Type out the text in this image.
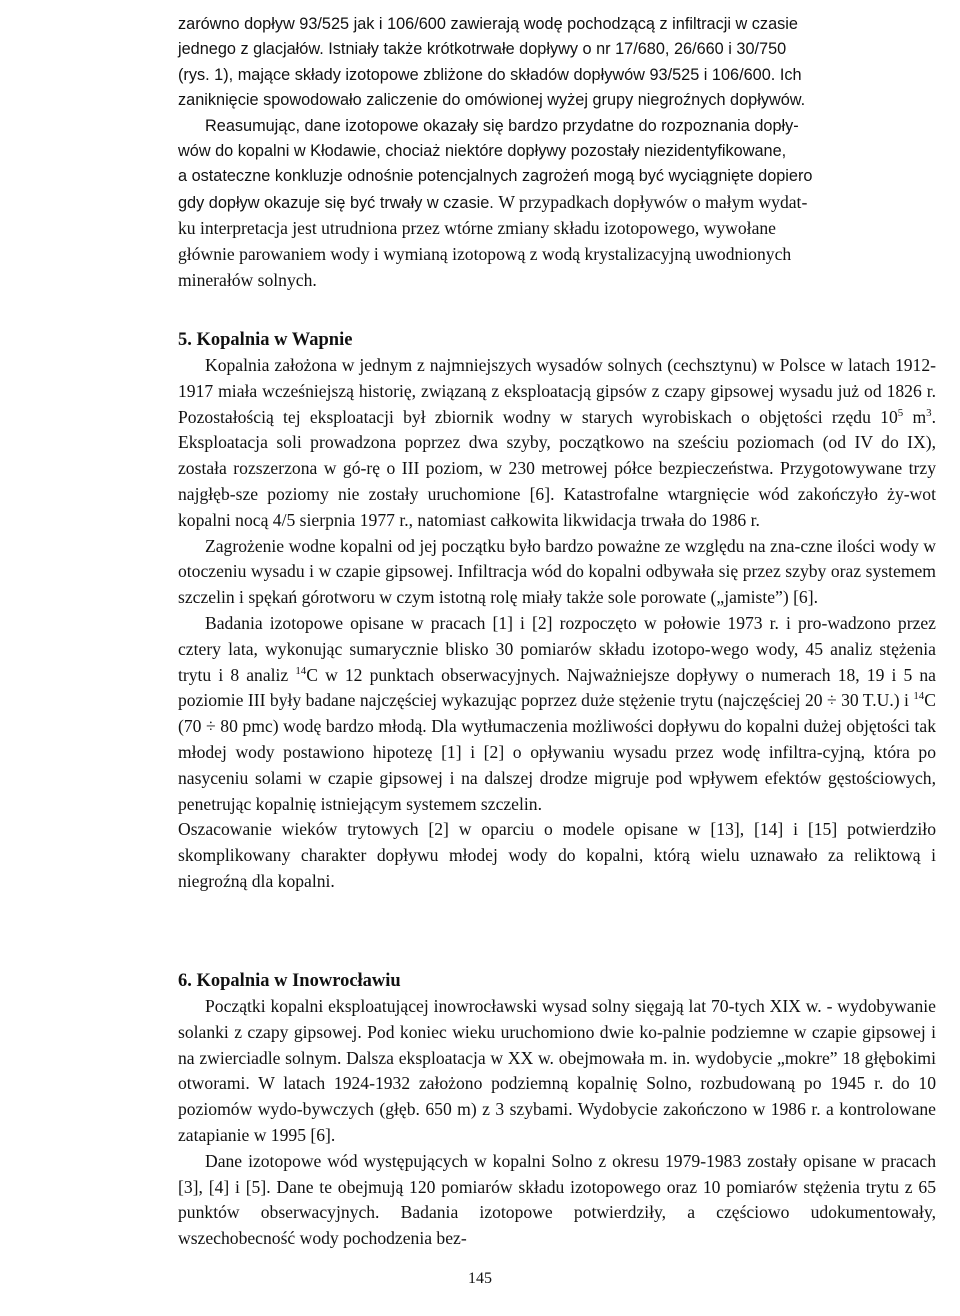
zarówno dopływ 93/525 jak i 106/600 zawierają wodę pochodzącą z infiltracji w czasie

jednego z glacjałów. Istniały także krótkotrwałe dopływy o nr 17/680, 26/660 i 30/750

(rys. 1), mające składy izotopowe zbliżone do składów dopływów 93/525 i 106/600. Ich

zaniknięcie spowodowało zaliczenie do omówionej wyżej grupy niegroźnych dopływów.

Reasumując, dane izotopowe okazały się bardzo przydatne do rozpoznania dopły-

wów do kopalni w Kłodawie, chociaż niektóre dopływy pozostały niezidentyfikowane,

a ostateczne konkluzje odnośnie potencjalnych zagrożeń mogą być wyciągnięte dopiero

gdy dopływ okazuje się być trwały w czasie. W przypadkach dopływów o małym wydat-

ku interpretacja jest utrudniona przez wtórne zmiany składu izotopowego, wywołane

głównie parowaniem wody i wymianą izotopową z wodą krystalizacyjną uwodnionych

minerałów solnych.

5. Kopalnia w Wapnie

Kopalnia założona w jednym z najmniejszych wysadów solnych (cechsztynu) w Polsce w latach 1912-1917 miała wcześniejszą historię, związaną z eksploatacją gipsów z czapy gipsowej wysadu już od 1826 r. Pozostałością tej eksploatacji był zbiornik wodny w starych wyrobiskach o objętości rzędu $10^5$ $m^3$. Eksploatacja soli prowadzona poprzez dwa szyby, początkowo na sześciu poziomach (od IV do IX), została rozszerzona w gó-rę o III poziom, w 230 metrowej półce bezpieczeństwa. Przygotowywane trzy najgłęb-sze poziomy nie zostały uruchomione [6]. Katastrofalne wtargnięcie wód zakończyło ży-wot kopalni nocą 4/5 sierpnia 1977 r., natomiast całkowita likwidacja trwała do 1986 r.

Zagrożenie wodne kopalni od jej początku było bardzo poważne ze względu na zna-czne ilości wody w otoczeniu wysadu i w czapie gipsowej. Infiltracja wód do kopalni odbywała się przez szyby oraz systemem szczelin i spękań górotworu w czym istotną rolę miały także sole porowate („jamiste”) [6].

Badania izotopowe opisane w pracach [1] i [2] rozpoczęto w połowie 1973 r. i pro-wadzono przez cztery lata, wykonując sumarycznie blisko 30 pomiarów składu izotopo-wego wody, 45 analiz stężenia trytu i 8 analiz $^{14}$C w 12 punktach obserwacyjnych. Najważniejsze dopływy o numerach 18, 19 i 5 na poziomie III były badane najczęściej wykazując poprzez duże stężenie trytu (najczęściej 20 ÷ 30 T.U.) i $^{14}$C (70 ÷ 80 pmc) wodę bardzo młodą. Dla wytłumaczenia możliwości dopływu do kopalni dużej objętości tak młodej wody postawiono hipotezę [1] i [2] o opływaniu wysadu przez wodę infiltra-cyjną, która po nasyceniu solami w czapie gipsowej i na dalszej drodze migruje pod wpływem efektów gęstościowych, penetrując kopalnię istniejącym systemem szczelin.

Oszacowanie wieków trytowych [2] w oparciu o modele opisane w [13], [14] i [15] potwierdziło skomplikowany charakter dopływu młodej wody do kopalni, którą wielu uznawało za reliktową i niegroźną dla kopalni.

6. Kopalnia w Inowrocławiu

Początki kopalni eksploatującej inowrocławski wysad solny sięgają lat 70-tych XIX w. - wydobywanie solanki z czapy gipsowej. Pod koniec wieku uruchomiono dwie ko-palnie podziemne w czapie gipsowej i na zwierciadle solnym. Dalsza eksploatacja w XX w. obejmowała m. in. wydobycie „mokre” 18 głębokimi otworami. W latach 1924-1932 założono podziemną kopalnię Solno, rozbudowaną po 1945 r. do 10 poziomów wydo-bywczych (głęb. 650 m) z 3 szybami. Wydobycie zakończono w 1986 r. a kontrolowane zatapianie w 1995 [6].

Dane izotopowe wód występujących w kopalni Solno z okresu 1979-1983 zostały opisane w pracach [3], [4] i [5]. Dane te obejmują 120 pomiarów składu izotopowego oraz 10 pomiarów stężenia trytu z 65 punktów obserwacyjnych. Badania izotopowe potwierdziły, a częściowo udokumentowały, wszechobecność wody pochodzenia bez-

145
